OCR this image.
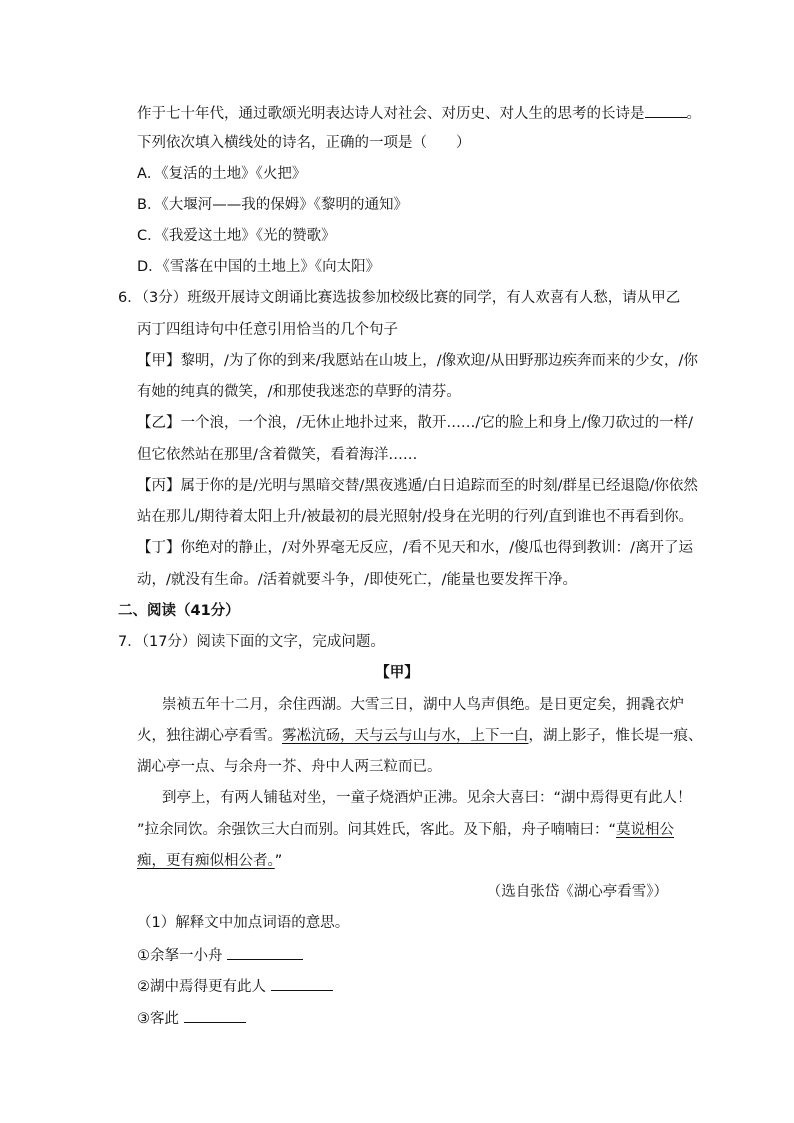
作于七十年代，通过歌颂光明表达诗人对社会、对历史、对人生的思考的长诗是	。
下列依次填入横线处的诗名，正确的一项是（　　）
A．《复活的土地》《火把》
B．《大堰河——我的保姆》《黎明的通知》
C．《我爱这土地》《光的赞歌》
D．《雪落在中国的土地上》《向太阳》
6．（3分）班级开展诗文朗诵比赛选拔参加校级比赛的同学，有人欢喜有人愁，请从甲乙
丙丁四组诗句中任意引用恰当的几个句子
【甲】黎明，/为了你的到来/我愿站在山坡上，/像欢迎/从田野那边疾奔而来的少女，/你
有她的纯真的微笑，/和那使我迷恋的草野的清芬。
【乙】一个浪，一个浪，/无休止地扑过来，散开……/它的脸上和身上/像刀砍过的一样/
但它依然站在那里/含着微笑，看着海洋……
【丙】属于你的是/光明与黑暗交替/黑夜逃遁/白日追踪而至的时刻/群星已经退隐/你依然
站在那儿/期待着太阳上升/被最初的晨光照射/投身在光明的行列/直到谁也不再看到你。
【丁】你绝对的静止，/对外界毫无反应，/看不见天和水，/傻瓜也得到教训：/离开了运
动，/就没有生命。/活着就要斗争，/即使死亡，/能量也要发挥干净。
二、阅读（41分）
7．（17分）阅读下面的文字，完成问题。
【甲】
崇祯五年十二月，余住西湖。大雪三日，湖中人鸟声俱绝。是日更定矣，拥毳衣炉
火，独往湖心亭看雪。雾凇沆砀，天与云与山与水，上下一白，湖上影子，惟长堤一痕、
湖心亭一点、与余舟一芥、舟中人两三粒而已。
到亭上，有两人铺毡对坐，一童子烧酒炉正沸。见余大喜曰：“湖中焉得更有此人！
”拉余同饮。余强饮三大白而别。问其姓氏，客此。及下船，舟子喃喃曰：“莫说相公
痴，更有痴似相公者。”
（选自张岱《湖心亭看雪》）
（1）解释文中加点词语的意思。
①余拏一小舟
②湖中焉得更有此人
③客此
